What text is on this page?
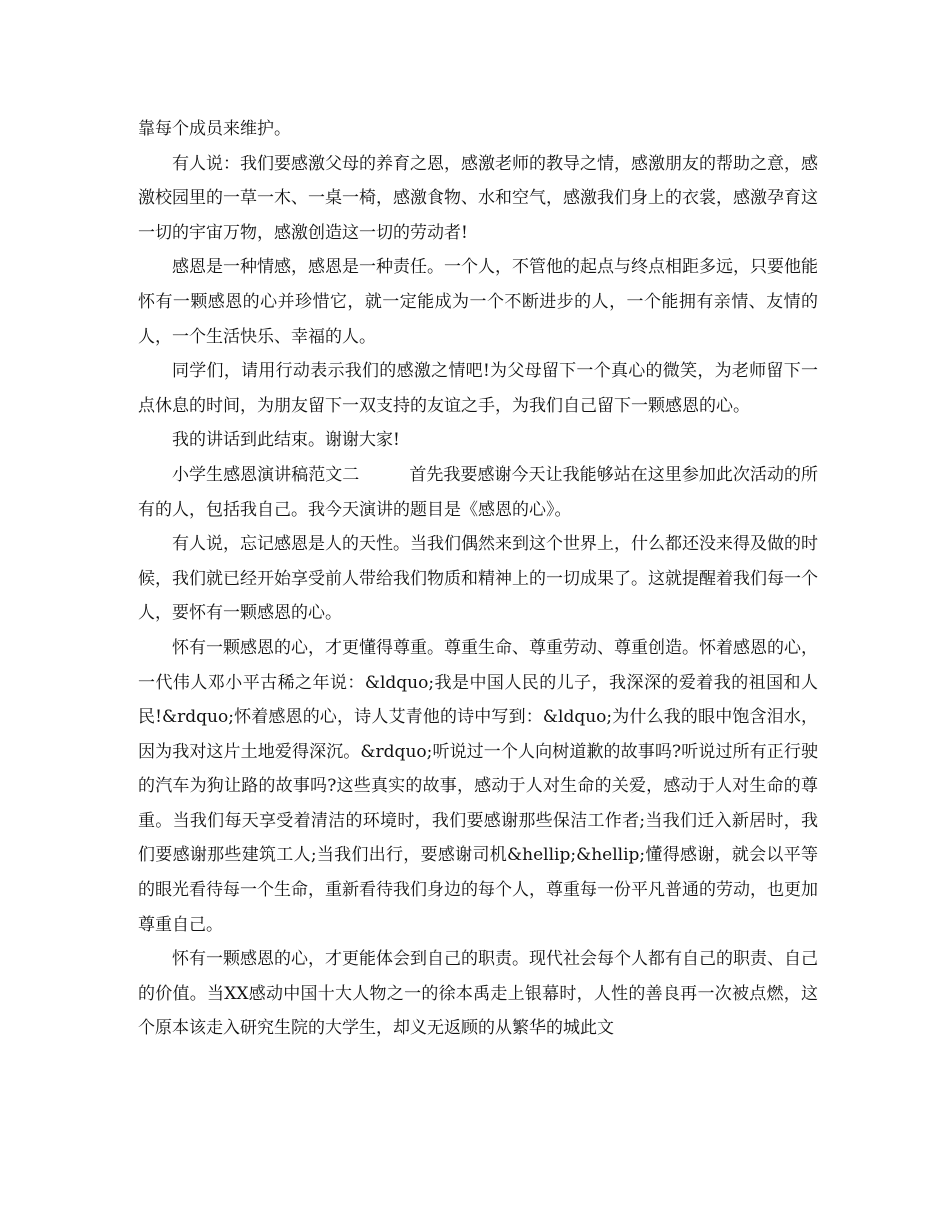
靠每个成员来维护。

有人说：我们要感激父母的养育之恩，感激老师的教导之情，感激朋友的帮助之意，感激校园里的一草一木、一桌一椅，感激食物、水和空气，感激我们身上的衣裳，感激孕育这一切的宇宙万物，感激创造这一切的劳动者!

感恩是一种情感，感恩是一种责任。一个人，不管他的起点与终点相距多远，只要他能怀有一颗感恩的心并珍惜它，就一定能成为一个不断进步的人，一个能拥有亲情、友情的人，一个生活快乐、幸福的人。

同学们，请用行动表示我们的感激之情吧!为父母留下一个真心的微笑，为老师留下一点休息的时间，为朋友留下一双支持的友谊之手，为我们自己留下一颗感恩的心。

我的讲话到此结束。谢谢大家!

小学生感恩演讲稿范文二	首先我要感谢今天让我能够站在这里参加此次活动的所有的人，包括我自己。我今天演讲的题目是《感恩的心》。

有人说，忘记感恩是人的天性。当我们偶然来到这个世界上，什么都还没来得及做的时候，我们就已经开始享受前人带给我们物质和精神上的一切成果了。这就提醒着我们每一个人，要怀有一颗感恩的心。

怀有一颗感恩的心，才更懂得尊重。尊重生命、尊重劳动、尊重创造。怀着感恩的心，一代伟人邓小平古稀之年说：&ldquo;我是中国人民的儿子，我深深的爱着我的祖国和人民!&rdquo;怀着感恩的心，诗人艾青他的诗中写到：&ldquo;为什么我的眼中饱含泪水，因为我对这片土地爱得深沉。&rdquo;听说过一个人向树道歉的故事吗?听说过所有正行驶的汽车为狗让路的故事吗?这些真实的故事，感动于人对生命的关爱，感动于人对生命的尊重。当我们每天享受着清洁的环境时，我们要感谢那些保洁工作者;当我们迁入新居时，我们要感谢那些建筑工人;当我们出行，要感谢司机&hellip;&hellip;懂得感谢，就会以平等的眼光看待每一个生命，重新看待我们身边的每个人，尊重每一份平凡普通的劳动，也更加尊重自己。

怀有一颗感恩的心，才更能体会到自己的职责。现代社会每个人都有自己的职责、自己的价值。当XX感动中国十大人物之一的徐本禹走上银幕时，人性的善良再一次被点燃，这个原本该走入研究生院的大学生，却义无返顾的从繁华的城此文
